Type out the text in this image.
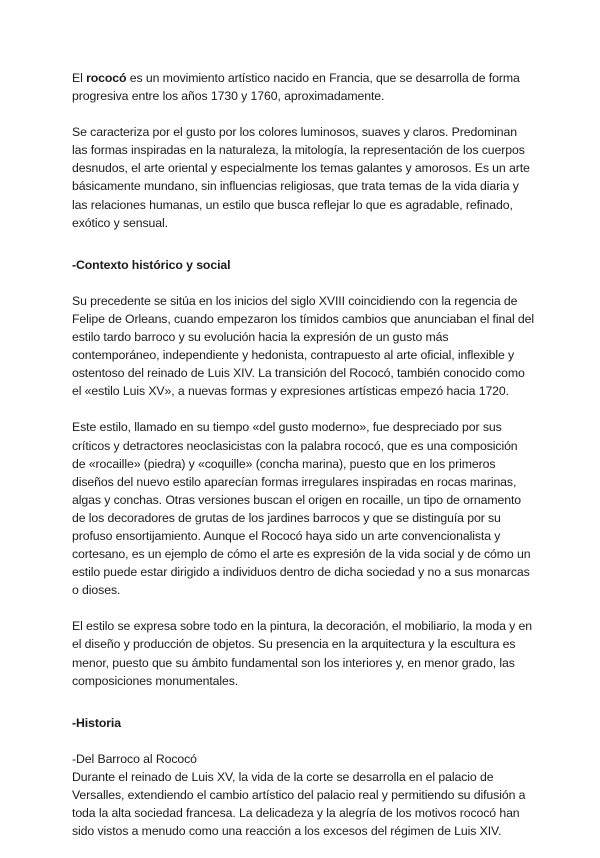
El rococó es un movimiento artístico nacido en Francia, que se desarrolla de forma progresiva entre los años 1730 y 1760, aproximadamente.

Se caracteriza por el gusto por los colores luminosos, suaves y claros. Predominan las formas inspiradas en la naturaleza, la mitología, la representación de los cuerpos desnudos, el arte oriental y especialmente los temas galantes y amorosos. Es un arte básicamente mundano, sin influencias religiosas, que trata temas de la vida diaria y las relaciones humanas, un estilo que busca reflejar lo que es agradable, refinado, exótico y sensual.

-Contexto histórico y social

Su precedente se sitúa en los inicios del siglo XVIII coincidiendo con la regencia de Felipe de Orleans, cuando empezaron los tímidos cambios que anunciaban el final del estilo tardo barroco y su evolución hacia la expresión de un gusto más contemporáneo, independiente y hedonista, contrapuesto al arte oficial, inflexible y ostentoso del reinado de Luis XIV. La transición del Rococó, también conocido como el «estilo Luis XV», a nuevas formas y expresiones artísticas empezó hacia 1720.

Este estilo, llamado en su tiempo «del gusto moderno», fue despreciado por sus críticos y detractores neoclasicistas con la palabra rococó, que es una composición de «rocaille» (piedra) y «coquille» (concha marina), puesto que en los primeros diseños del nuevo estilo aparecían formas irregulares inspiradas en rocas marinas, algas y conchas. Otras versiones buscan el origen en rocaille, un tipo de ornamento de los decoradores de grutas de los jardines barrocos y que se distinguía por su profuso ensortijamiento. Aunque el Rococó haya sido un arte convencionalista y cortesano, es un ejemplo de cómo el arte es expresión de la vida social y de cómo un estilo puede estar dirigido a individuos dentro de dicha sociedad y no a sus monarcas o dioses.

El estilo se expresa sobre todo en la pintura, la decoración, el mobiliario, la moda y en el diseño y producción de objetos. Su presencia en la arquitectura y la escultura es menor, puesto que su ámbito fundamental son los interiores y, en menor grado, las composiciones monumentales.

-Historia

-Del Barroco al Rococó
Durante el reinado de Luis XV, la vida de la corte se desarrolla en el palacio de Versalles, extendiendo el cambio artístico del palacio real y permitiendo su difusión a toda la alta sociedad francesa. La delicadeza y la alegría de los motivos rococó han sido vistos a menudo como una reacción a los excesos del régimen de Luis XIV.
